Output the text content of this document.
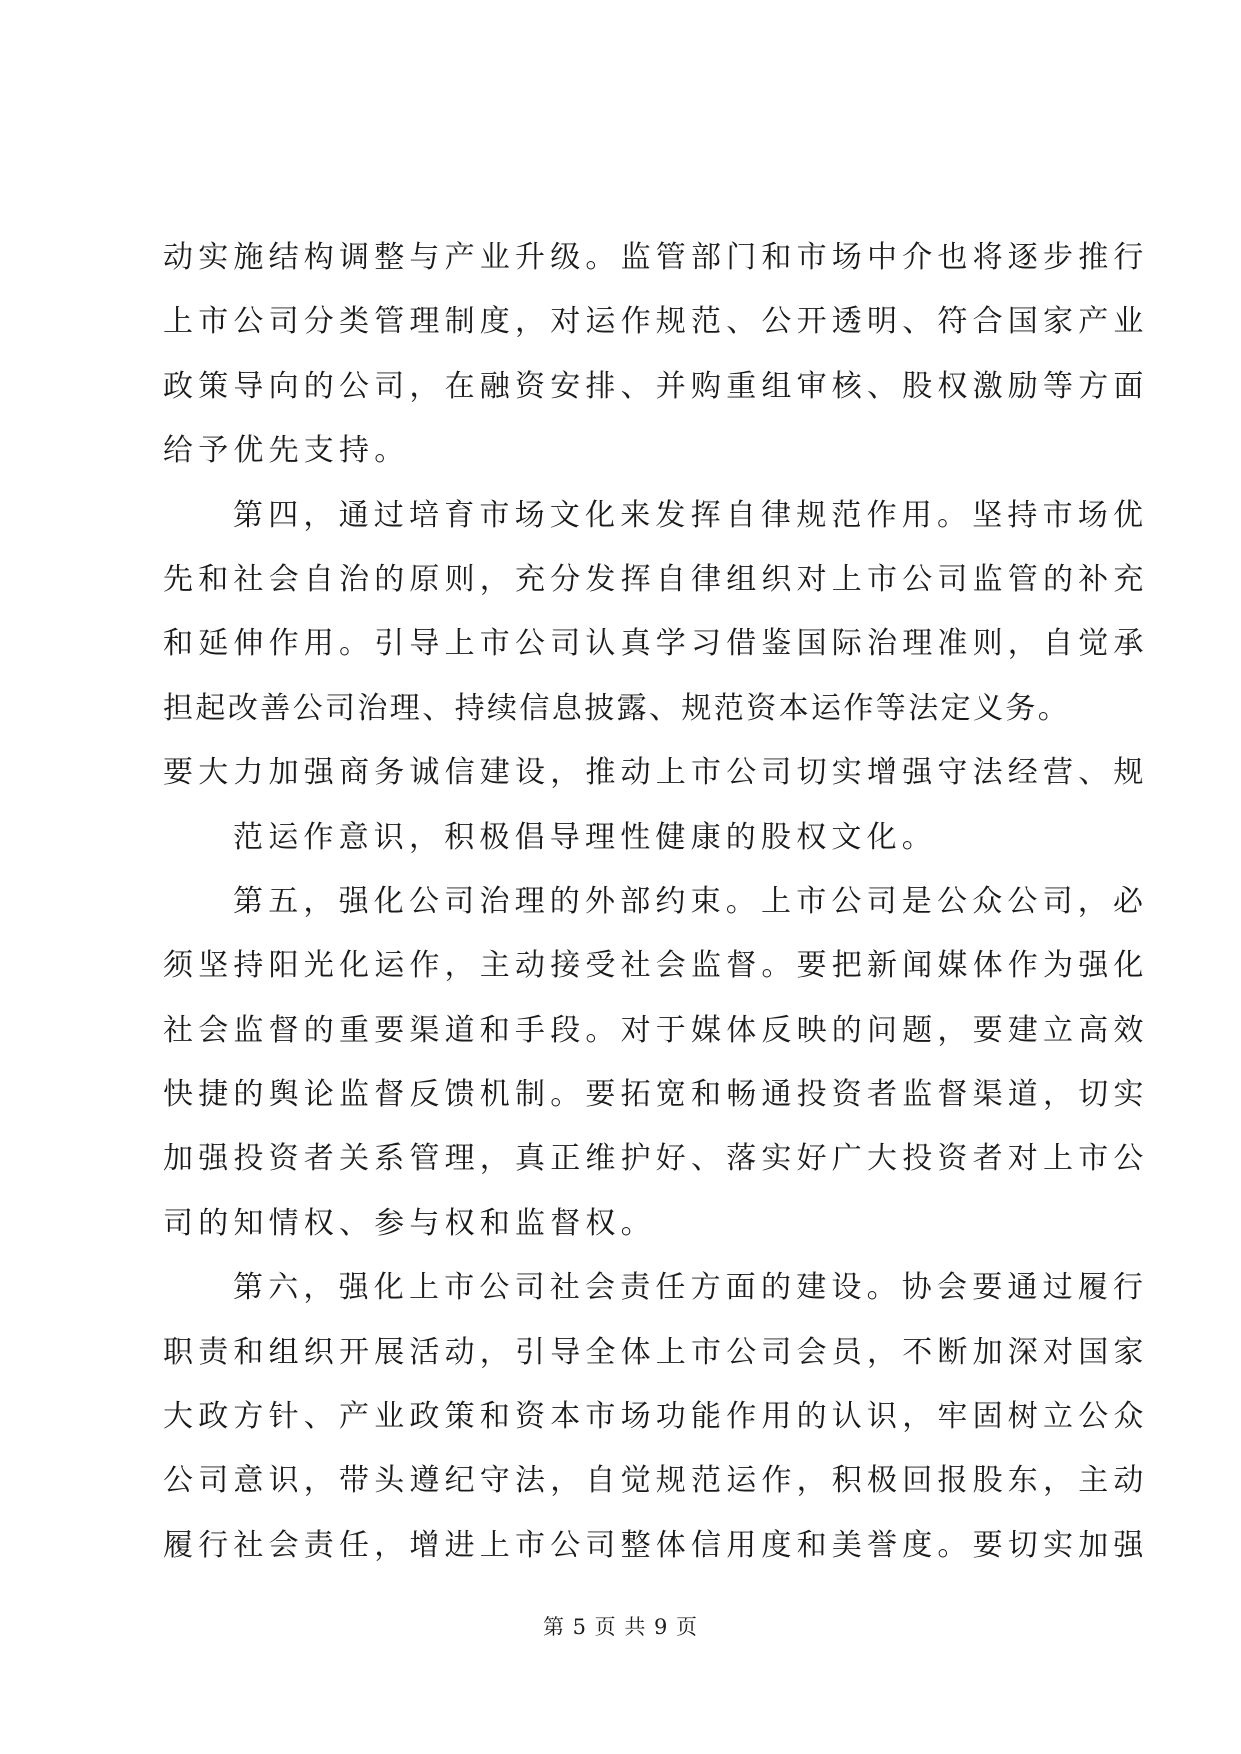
动实施结构调整与产业升级。监管部门和市场中介也将逐步推行
上市公司分类管理制度，对运作规范、公开透明、符合国家产业
政策导向的公司，在融资安排、并购重组审核、股权激励等方面
给予优先支持。
第四，通过培育市场文化来发挥自律规范作用。坚持市场优
先和社会自治的原则，充分发挥自律组织对上市公司监管的补充
和延伸作用。引导上市公司认真学习借鉴国际治理准则，自觉承
担起改善公司治理、持续信息披露、规范资本运作等法定义务。
要大力加强商务诚信建设，推动上市公司切实增强守法经营、规
范运作意识，积极倡导理性健康的股权文化。
第五，强化公司治理的外部约束。上市公司是公众公司，必
须坚持阳光化运作，主动接受社会监督。要把新闻媒体作为强化
社会监督的重要渠道和手段。对于媒体反映的问题，要建立高效
快捷的舆论监督反馈机制。要拓宽和畅通投资者监督渠道，切实
加强投资者关系管理，真正维护好、落实好广大投资者对上市公
司的知情权、参与权和监督权。
第六，强化上市公司社会责任方面的建设。协会要通过履行
职责和组织开展活动，引导全体上市公司会员，不断加深对国家
大政方针、产业政策和资本市场功能作用的认识，牢固树立公众
公司意识，带头遵纪守法，自觉规范运作，积极回报股东，主动
履行社会责任，增进上市公司整体信用度和美誉度。要切实加强
第 5 页 共 9 页
